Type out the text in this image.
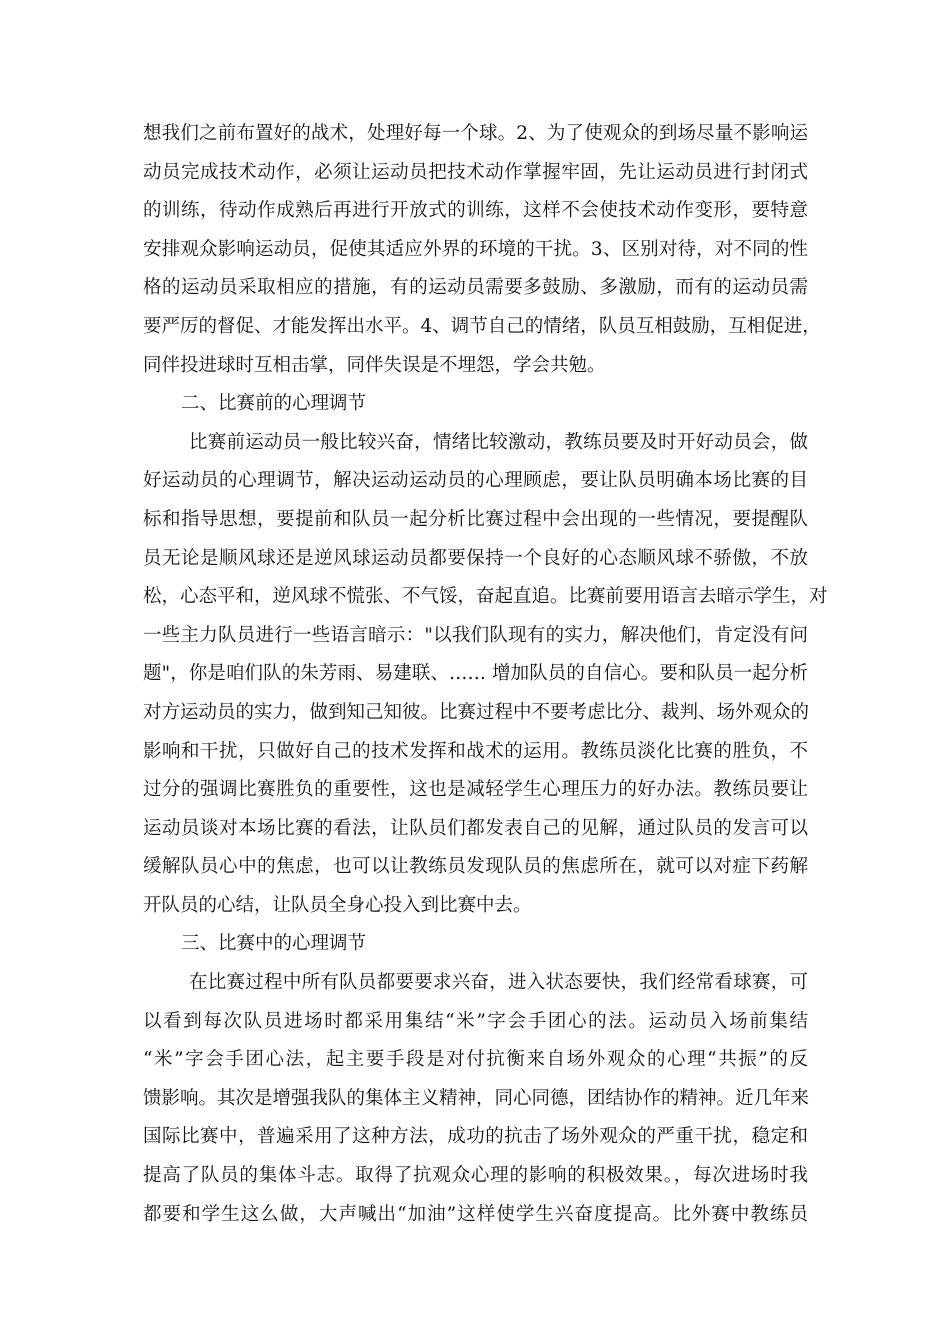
想我们之前布置好的战术，处理好每一个球。2、为了使观众的到场尽量不影响运
动员完成技术动作，必须让运动员把技术动作掌握牢固，先让运动员进行封闭式
的训练，待动作成熟后再进行开放式的训练，这样不会使技术动作变形，要特意
安排观众影响运动员，促使其适应外界的环境的干扰。3、区别对待，对不同的性
格的运动员采取相应的措施，有的运动员需要多鼓励、多激励，而有的运动员需
要严厉的督促、才能发挥出水平。4、调节自己的情绪，队员互相鼓励，互相促进，
同伴投进球时互相击掌，同伴失误是不埋怨，学会共勉。
二、比赛前的心理调节
比赛前运动员一般比较兴奋，情绪比较激动，教练员要及时开好动员会，做
好运动员的心理调节，解决运动运动员的心理顾虑，要让队员明确本场比赛的目
标和指导思想，要提前和队员一起分析比赛过程中会出现的一些情况，要提醒队
员无论是顺风球还是逆风球运动员都要保持一个良好的心态顺风球不骄傲，不放
松，心态平和，逆风球不慌张、不气馁，奋起直追。比赛前要用语言去暗示学生，对
一些主力队员进行一些语言暗示："以我们队现有的实力，解决他们，肯定没有问
题"，你是咱们队的朱芳雨、易建联、…… 增加队员的自信心。要和队员一起分析
对方运动员的实力，做到知己知彼。比赛过程中不要考虑比分、裁判、场外观众的
影响和干扰，只做好自己的技术发挥和战术的运用。教练员淡化比赛的胜负，不
过分的强调比赛胜负的重要性，这也是减轻学生心理压力的好办法。教练员要让
运动员谈对本场比赛的看法，让队员们都发表自己的见解，通过队员的发言可以
缓解队员心中的焦虑，也可以让教练员发现队员的焦虑所在，就可以对症下药解
开队员的心结，让队员全身心投入到比赛中去。
三、比赛中的心理调节
在比赛过程中所有队员都要要求兴奋，进入状态要快，我们经常看球赛，可
以看到每次队员进场时都采用集结“米”字会手团心的法。运动员入场前集结
“米”字会手团心法，起主要手段是对付抗衡来自场外观众的心理“共振”的反
馈影响。其次是增强我队的集体主义精神，同心同德，团结协作的精神。近几年来
国际比赛中，普遍采用了这种方法，成功的抗击了场外观众的严重干扰，稳定和
提高了队员的集体斗志。取得了抗观众心理的影响的积极效果。，每次进场时我
都要和学生这么做，大声喊出“加油”这样使学生兴奋度提高。比外赛中教练员
